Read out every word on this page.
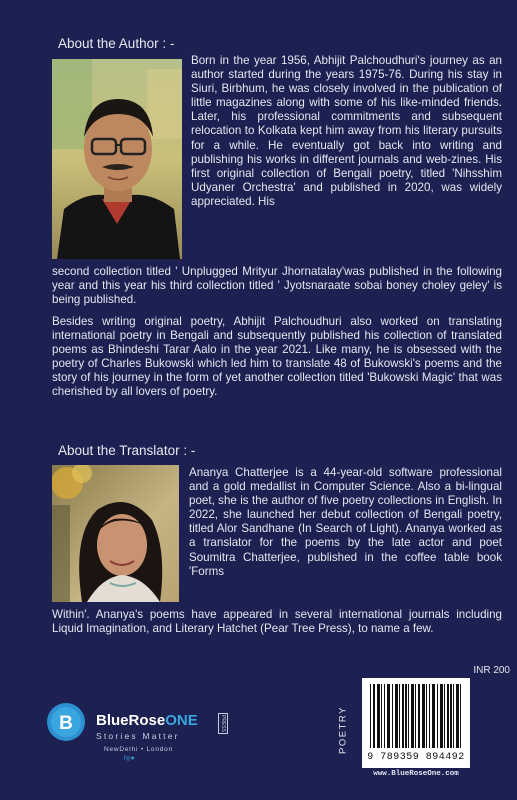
About the Author : -

Born in the year 1956, Abhijit Palchoudhuri's journey as an author started during the years 1975-76. During his stay in Siuri, Birbhum, he was closely involved in the publication of little magazines along with some of his like-minded friends. Later, his professional commitments and subsequent relocation to Kolkata kept him away from his literary pursuits for a while. He eventually got back into writing and publishing his works in different journals and web-zines. His first original collection of Bengali poetry, titled 'Nihsshim Udyaner Orchestra' and published in 2020, was widely appreciated. His

second collection titled ' Unplugged Mrityur Jhornatalay'was published in the following year and this year his third collection titled ' Jyotsnaraate sobai boney choley geley' is being published.

Besides writing original poetry, Abhijit Palchoudhuri also worked on translating international poetry in Bengali and subsequently published his collection of translated poems as Bhindeshi Tarar Aalo in the year 2021. Like many, he is obsessed with the poetry of Charles Bukowski which led him to translate 48 of Bukowski's poems and the story of his journey in the form of yet another collection titled 'Bukowski Magic' that was cherished by all lovers of poetry.

About the Translator : -

Ananya Chatterjee is a 44-year-old software professional and a gold medallist in Computer Science. Also a bi-lingual poet, she is the author of five poetry collections in English. In 2022, she launched her debut collection of Bengali poetry, titled Alor Sandhane (In Search of Light). Ananya worked as a translator for the poems by the late actor and poet Soumitra Chatterjee, published in the coffee table book 'Forms

Within'. Ananya's poems have appeared in several international journals including Liquid Imagination, and Literary Hatchet (Pear Tree Press), to name a few.

B BlueRoseONE	PRESS
Stories Matter
NewDelhi • London
f◎♥
POETRY
INR 200
9 789359 894492
www.BlueRoseOne.com
